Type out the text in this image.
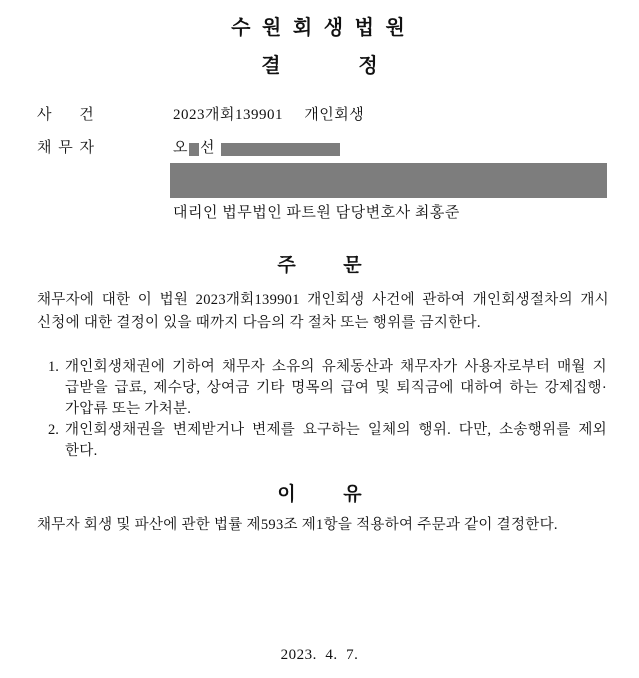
수 원 회 생 법 원
결              정
사     건	2023개회139901     개인회생
채 무 자	오 선
대리인 법무법인 파트원 담당변호사 최홍준
주         문
채무자에 대한 이 법원 2023개회139901 개인회생 사건에 관하여 개인회생절차의 개시
신청에 대한 결정이 있을 때까지 다음의 각 절차 또는 행위를 금지한다.
1. 개인회생채권에 기하여 채무자 소유의 유체동산과 채무자가 사용자로부터 매월 지
급받을 급료, 제수당, 상여금 기타 명목의 급여 및 퇴직금에 대하여 하는 강제집행·
가압류 또는 가처분.
2. 개인회생채권을 변제받거나 변제를 요구하는 일체의 행위. 다만, 소송행위를 제외
한다.
이         유
채무자 회생 및 파산에 관한 법률 제593조 제1항을 적용하여 주문과 같이 결정한다.
2023.  4.  7.
